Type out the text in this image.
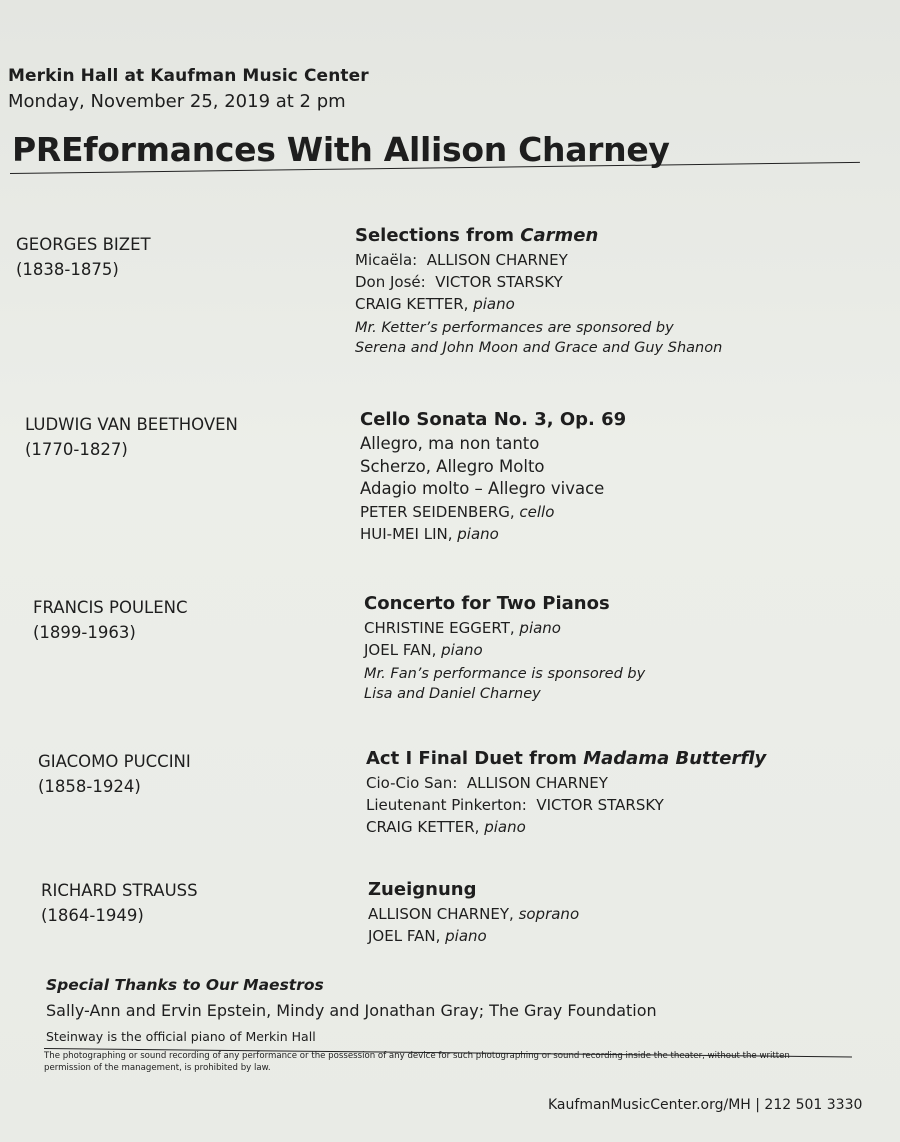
Merkin Hall at Kaufman Music Center
Monday, November 25, 2019 at 2 pm
PREformances With Allison Charney
GEORGES BIZET
(1838-1875)
Selections from Carmen
Micaëla: ALLISON CHARNEY
Don José: VICTOR STARSKY
CRAIG KETTER, piano
Mr. Ketter’s performances are sponsored by
Serena and John Moon and Grace and Guy Shanon
LUDWIG VAN BEETHOVEN
(1770-1827)
Cello Sonata No. 3, Op. 69
Allegro, ma non tanto
Scherzo, Allegro Molto
Adagio molto – Allegro vivace
PETER SEIDENBERG, cello
HUI-MEI LIN, piano
FRANCIS POULENC
(1899-1963)
Concerto for Two Pianos
CHRISTINE EGGERT, piano
JOEL FAN, piano
Mr. Fan’s performance is sponsored by
Lisa and Daniel Charney
GIACOMO PUCCINI
(1858-1924)
Act I Final Duet from Madama Butterfly
Cio-Cio San: ALLISON CHARNEY
Lieutenant Pinkerton: VICTOR STARSKY
CRAIG KETTER, piano
RICHARD STRAUSS
(1864-1949)
Zueignung
ALLISON CHARNEY, soprano
JOEL FAN, piano
Special Thanks to Our Maestros
Sally-Ann and Ervin Epstein, Mindy and Jonathan Gray; The Gray Foundation
Steinway is the official piano of Merkin Hall
The photographing or sound recording of any performance or the possession of any device for such photographing or sound recording inside the theater, without the written
permission of the management, is prohibited by law.
KaufmanMusicCenter.org/MH | 212 501 3330
